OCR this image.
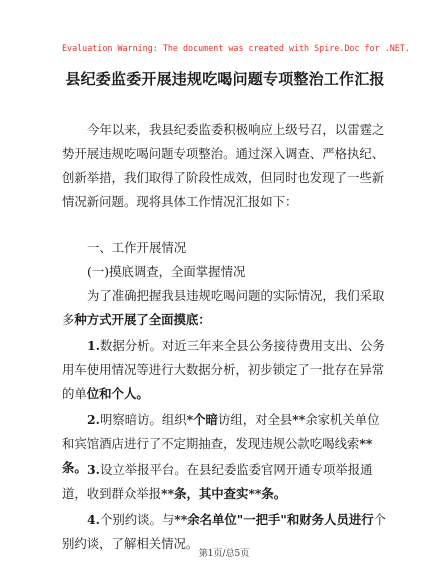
Evaluation Warning: The document was created with Spire.Doc for .NET.
县纪委监委开展违规吃喝问题专项整治工作汇报

今年以来，我县纪委监委积极响应上级号召，以雷霆之势开展违规吃喝问题专项整治。通过深入调查、严格执纪、创新举措，我们取得了阶段性成效，但同时也发现了一些新情况新问题。现将具体工作情况汇报如下：

一、工作开展情况

(一)摸底调查，全面掌握情况

为了准确把握我县违规吃喝问题的实际情况，我们采取多种方式开展了全面摸底：

1.数据分析。对近三年来全县公务接待费用支出、公务用车使用情况等进行大数据分析，初步锁定了一批存在异常的单位和个人。

2.明察暗访。组织*个暗访组，对全县**余家机关单位和宾馆酒店进行了不定期抽查，发现违规公款吃喝线索**条。 3.设立举报平台。在县纪委监委官网开通专项举报通道，收到群众举报**条，其中查实**条。

4.个别约谈。与**余名单位"一把手"和财务人员进行个别约谈，了解相关情况。

第1页/总5页
